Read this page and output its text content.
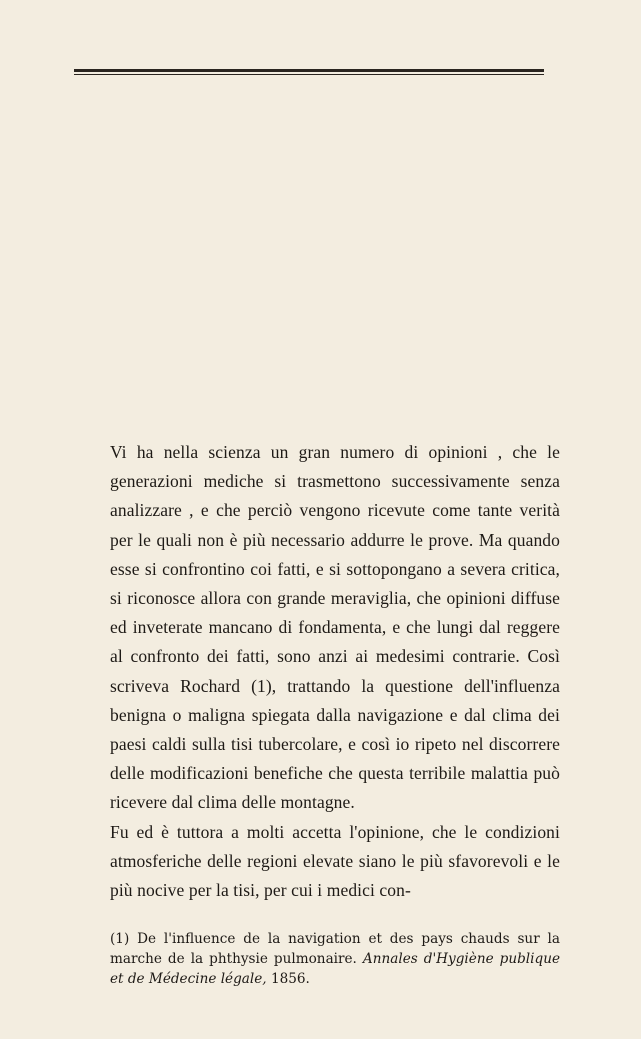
Vi ha nella scienza un gran numero di opinioni , che le generazioni mediche si trasmettono successivamente senza analizzare , e che perciò vengono ricevute come tante verità per le quali non è più necessario addurre le prove. Ma quando esse si confrontino coi fatti, e si sottopongano a severa critica, si riconosce allora con grande meraviglia, che opinioni diffuse ed inveterate mancano di fondamenta, e che lungi dal reggere al confronto dei fatti, sono anzi ai medesimi contrarie. Così scriveva Rochard (1), trattando la questione dell'influenza benigna o maligna spiegata dalla navigazione e dal clima dei paesi caldi sulla tisi tubercolare, e così io ripeto nel discorrere delle modificazioni benefiche che questa terribile malattia può ricevere dal clima delle montagne.

Fu ed è tuttora a molti accetta l'opinione, che le condizioni atmosferiche delle regioni elevate siano le più sfavorevoli e le più nocive per la tisi, per cui i medici con-

(1) De l'influence de la navigation et des pays chauds sur la marche de la phthysie pulmonaire. Annales d'Hygiène publique et de Médecine légale, 1856.
